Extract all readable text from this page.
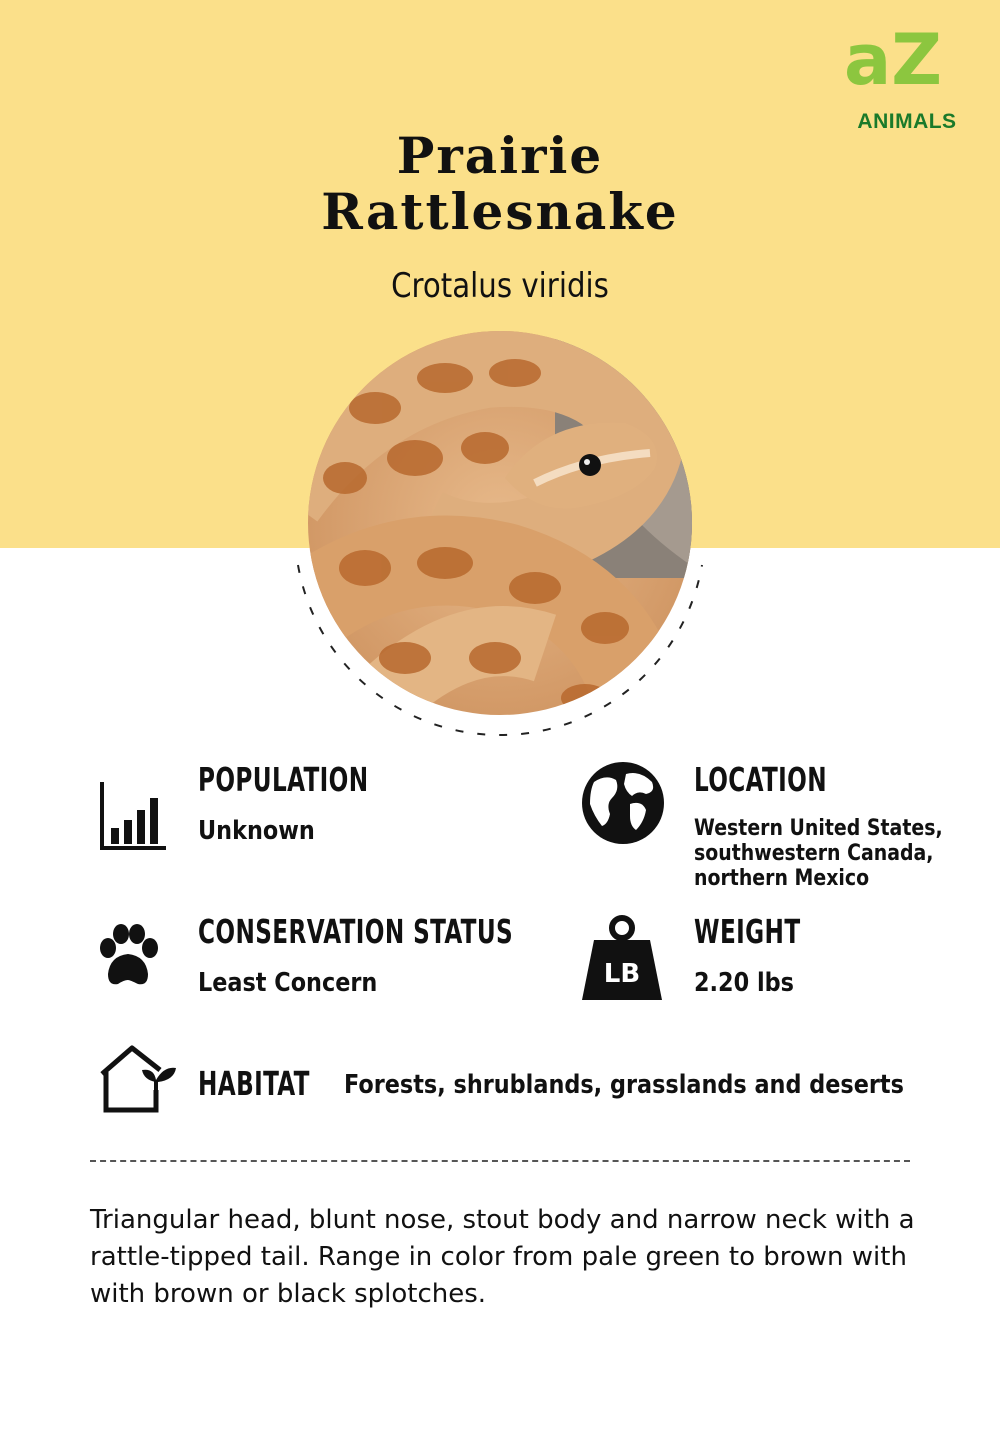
aZ
ANIMALS
Prairie
Rattlesnake
Crotalus viridis
POPULATION
Unknown
LOCATION
Western United States,
southwestern Canada,
northern Mexico
CONSERVATION STATUS
Least Concern	LB
WEIGHT
2.20 lbs
HABITAT Forests, shrublands, grasslands and deserts
Triangular head, blunt nose, stout body and narrow neck with a rattle-tipped tail. Range in color from pale green to brown with with brown or black splotches.
